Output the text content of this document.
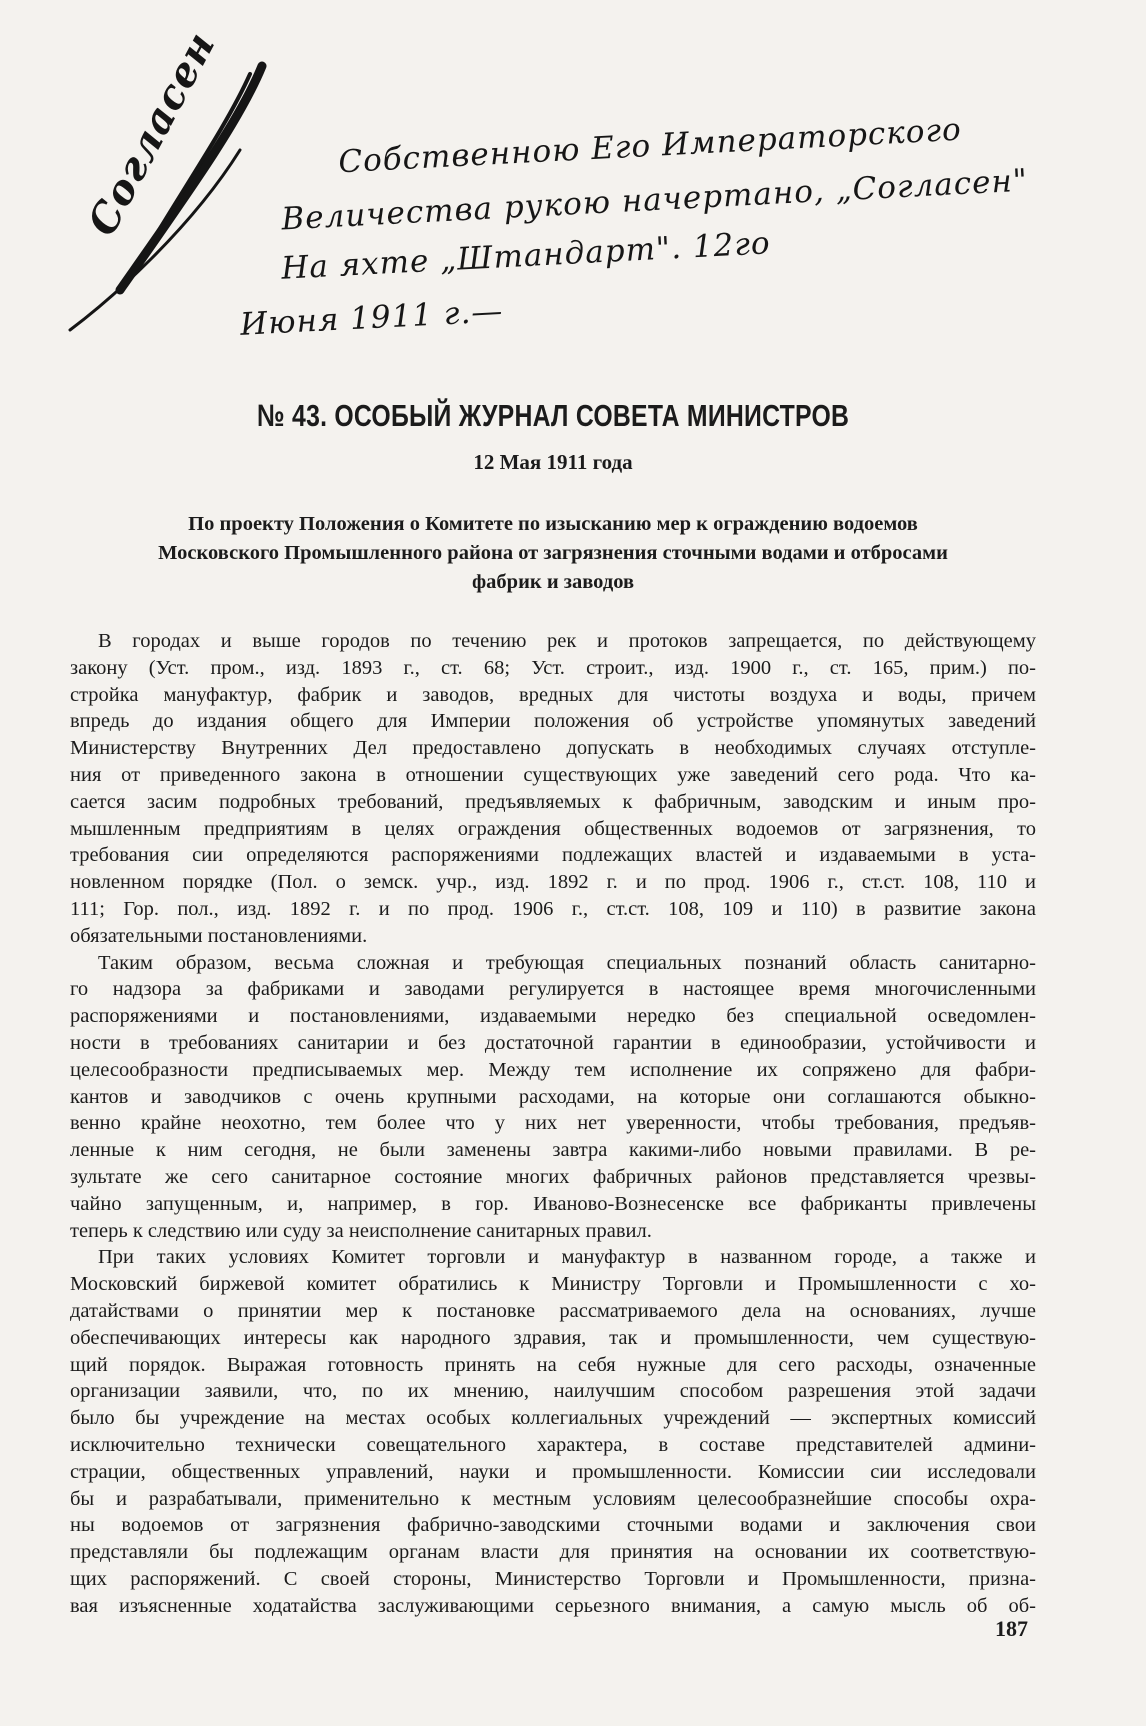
Согласен	Собственною Его Императорского
Величества рукою начертано, „Согласен"
На яхте „Штандарт". 12го
Июня 1911 г.—
№ 43. ОСОБЫЙ ЖУРНАЛ СОВЕТА МИНИСТРОВ
12 Мая 1911 года
По проекту Положения о Комитете по изысканию мер к ограждению водоемов
Московского Промышленного района от загрязнения сточными водами и отбросами
фабрик и заводов
В городах и выше городов по течению рек и протоков запрещается, по действующему
закону (Уст. пром., изд. 1893 г., ст. 68; Уст. строит., изд. 1900 г., ст. 165, прим.) по-
стройка мануфактур, фабрик и заводов, вредных для чистоты воздуха и воды, причем
впредь до издания общего для Империи положения об устройстве упомянутых заведений
Министерству Внутренних Дел предоставлено допускать в необходимых случаях отступле-
ния от приведенного закона в отношении существующих уже заведений сего рода. Что ка-
сается засим подробных требований, предъявляемых к фабричным, заводским и иным про-
мышленным предприятиям в целях ограждения общественных водоемов от загрязнения, то
требования сии определяются распоряжениями подлежащих властей и издаваемыми в уста-
новленном порядке (Пол. о земск. учр., изд. 1892 г. и по прод. 1906 г., ст.ст. 108, 110 и
111; Гор. пол., изд. 1892 г. и по прод. 1906 г., ст.ст. 108, 109 и 110) в развитие закона
обязательными постановлениями.
Таким образом, весьма сложная и требующая специальных познаний область санитарно-
го надзора за фабриками и заводами регулируется в настоящее время многочисленными
распоряжениями и постановлениями, издаваемыми нередко без специальной осведомлен-
ности в требованиях санитарии и без достаточной гарантии в единообразии, устойчивости и
целесообразности предписываемых мер. Между тем исполнение их сопряжено для фабри-
кантов и заводчиков с очень крупными расходами, на которые они соглашаются обыкно-
венно крайне неохотно, тем более что у них нет уверенности, чтобы требования, предъяв-
ленные к ним сегодня, не были заменены завтра какими-либо новыми правилами. В ре-
зультате же сего санитарное состояние многих фабричных районов представляется чрезвы-
чайно запущенным, и, например, в гор. Иваново-Вознесенске все фабриканты привлечены
теперь к следствию или суду за неисполнение санитарных правил.
При таких условиях Комитет торговли и мануфактур в названном городе, а также и
Московский биржевой комитет обратились к Министру Торговли и Промышленности с хо-
датайствами о принятии мер к постановке рассматриваемого дела на основаниях, лучше
обеспечивающих интересы как народного здравия, так и промышленности, чем существую-
щий порядок. Выражая готовность принять на себя нужные для сего расходы, означенные
организации заявили, что, по их мнению, наилучшим способом разрешения этой задачи
было бы учреждение на местах особых коллегиальных учреждений — экспертных комиссий
исключительно технически совещательного характера, в составе представителей админи-
страции, общественных управлений, науки и промышленности. Комиссии сии исследовали
бы и разрабатывали, применительно к местным условиям целесообразнейшие способы охра-
ны водоемов от загрязнения фабрично-заводскими сточными водами и заключения свои
представляли бы подлежащим органам власти для принятия на основании их соответствую-
щих распоряжений. С своей стороны, Министерство Торговли и Промышленности, призна-
вая изъясненные ходатайства заслуживающими серьезного внимания, а самую мысль об об-
187
